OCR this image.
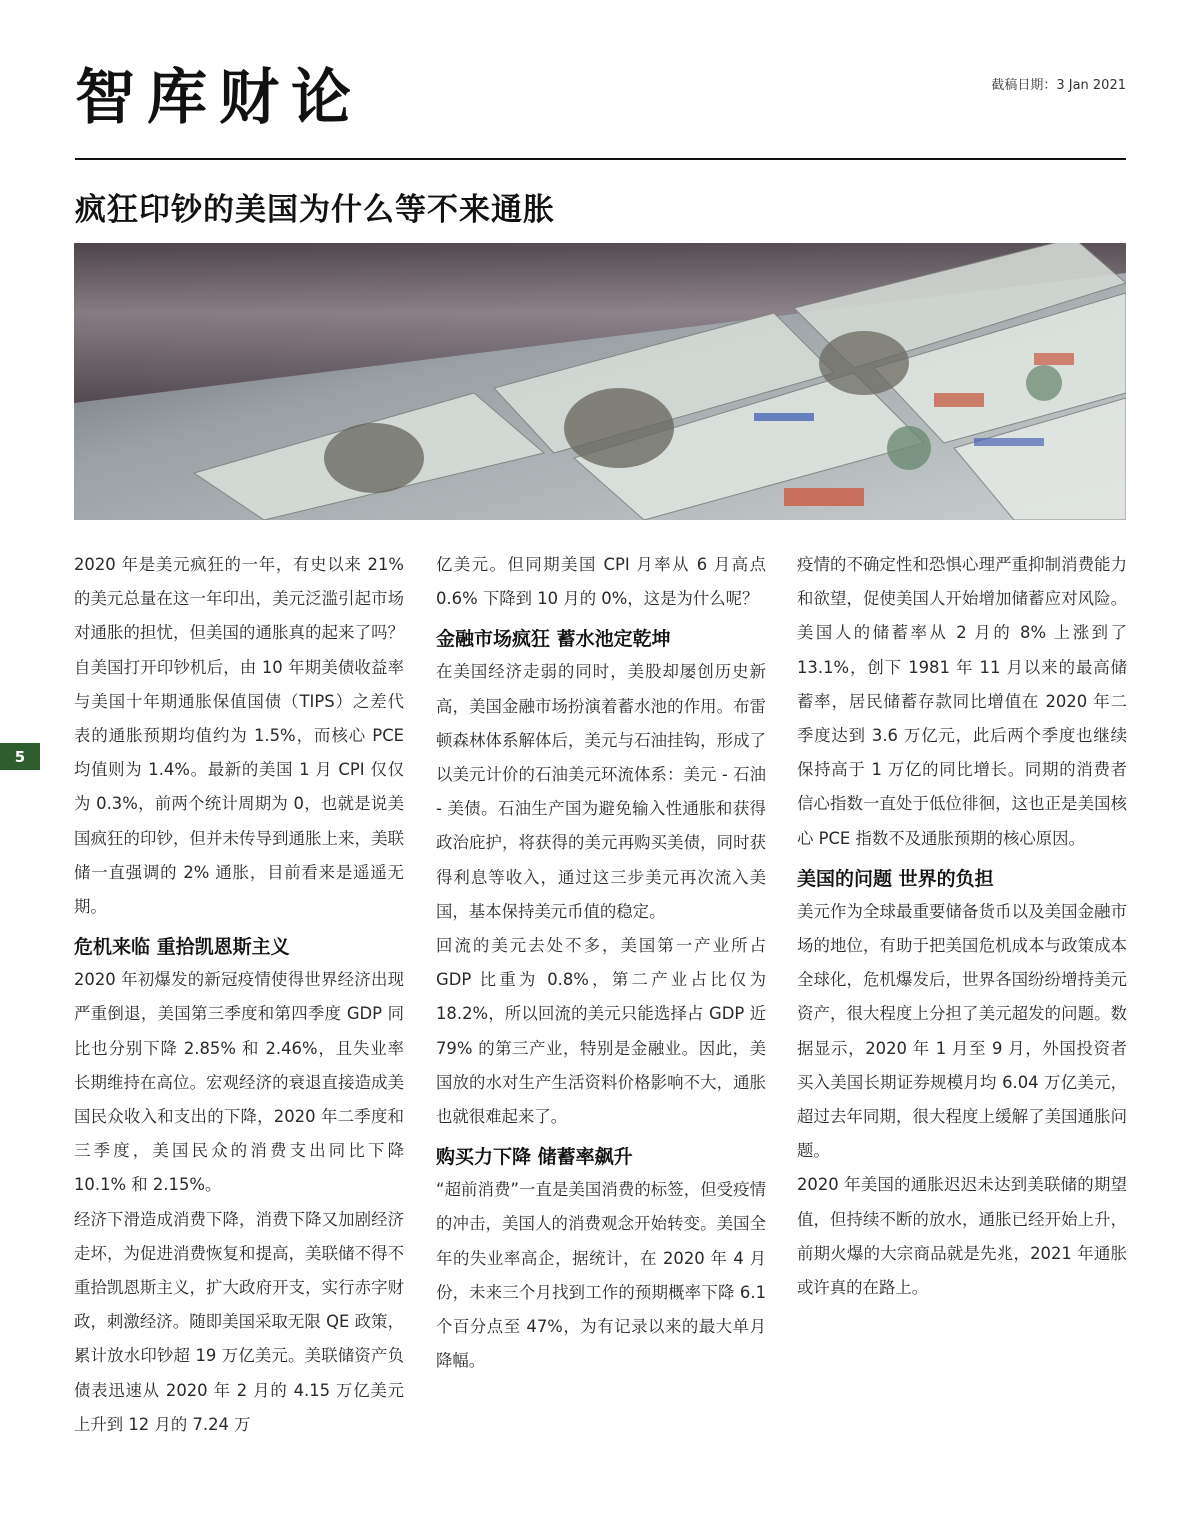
智库财论	截稿日期：3 Jan 2021
疯狂印钞的美国为什么等不来通胀
5

2020 年是美元疯狂的一年，有史以来 21% 的美元总量在这一年印出，美元泛滥引起市场对通胀的担忧，但美国的通胀真的起来了吗？自美国打开印钞机后，由 10 年期美债收益率与美国十年期通胀保值国债（TIPS）之差代表的通胀预期均值约为 1.5%，而核心 PCE 均值则为 1.4%。最新的美国 1 月 CPI 仅仅为 0.3%，前两个统计周期为 0，也就是说美国疯狂的印钞，但并未传导到通胀上来，美联储一直强调的 2% 通胀，目前看来是遥遥无期。

危机来临 重拾凯恩斯主义

2020 年初爆发的新冠疫情使得世界经济出现严重倒退，美国第三季度和第四季度 GDP 同比也分别下降 2.85% 和 2.46%，且失业率长期维持在高位。宏观经济的衰退直接造成美国民众收入和支出的下降，2020 年二季度和三季度，美国民众的消费支出同比下降 10.1% 和 2.15%。

经济下滑造成消费下降，消费下降又加剧经济走坏，为促进消费恢复和提高，美联储不得不重拾凯恩斯主义，扩大政府开支，实行赤字财政，刺激经济。随即美国采取无限 QE 政策，累计放水印钞超 19 万亿美元。美联储资产负债表迅速从 2020 年 2 月的 4.15 万亿美元上升到 12 月的 7.24 万

亿美元。但同期美国 CPI 月率从 6 月高点 0.6% 下降到 10 月的 0%，这是为什么呢？

金融市场疯狂 蓄水池定乾坤

在美国经济走弱的同时，美股却屡创历史新高，美国金融市场扮演着蓄水池的作用。布雷顿森林体系解体后，美元与石油挂钩，形成了以美元计价的石油美元环流体系：美元 - 石油 - 美债。石油生产国为避免输入性通胀和获得政治庇护，将获得的美元再购买美债，同时获得利息等收入，通过这三步美元再次流入美国，基本保持美元币值的稳定。

回流的美元去处不多，美国第一产业所占 GDP 比重为 0.8%，第二产业占比仅为 18.2%，所以回流的美元只能选择占 GDP 近 79% 的第三产业，特别是金融业。因此，美国放的水对生产生活资料价格影响不大，通胀也就很难起来了。

购买力下降 储蓄率飙升

“超前消费”一直是美国消费的标签，但受疫情的冲击，美国人的消费观念开始转变。美国全年的失业率高企，据统计，在 2020 年 4 月份，未来三个月找到工作的预期概率下降 6.1 个百分点至 47%，为有记录以来的最大单月降幅。

疫情的不确定性和恐惧心理严重抑制消费能力和欲望，促使美国人开始增加储蓄应对风险。美国人的储蓄率从 2 月的 8% 上涨到了 13.1%，创下 1981 年 11 月以来的最高储蓄率，居民储蓄存款同比增值在 2020 年二季度达到 3.6 万亿元，此后两个季度也继续保持高于 1 万亿的同比增长。同期的消费者信心指数一直处于低位徘徊，这也正是美国核心 PCE 指数不及通胀预期的核心原因。

美国的问题 世界的负担

美元作为全球最重要储备货币以及美国金融市场的地位，有助于把美国危机成本与政策成本全球化，危机爆发后，世界各国纷纷增持美元资产，很大程度上分担了美元超发的问题。数据显示，2020 年 1 月至 9 月，外国投资者买入美国长期证券规模月均 6.04 万亿美元，超过去年同期，很大程度上缓解了美国通胀问题。

2020 年美国的通胀迟迟未达到美联储的期望值，但持续不断的放水，通胀已经开始上升，前期火爆的大宗商品就是先兆，2021 年通胀或许真的在路上。
